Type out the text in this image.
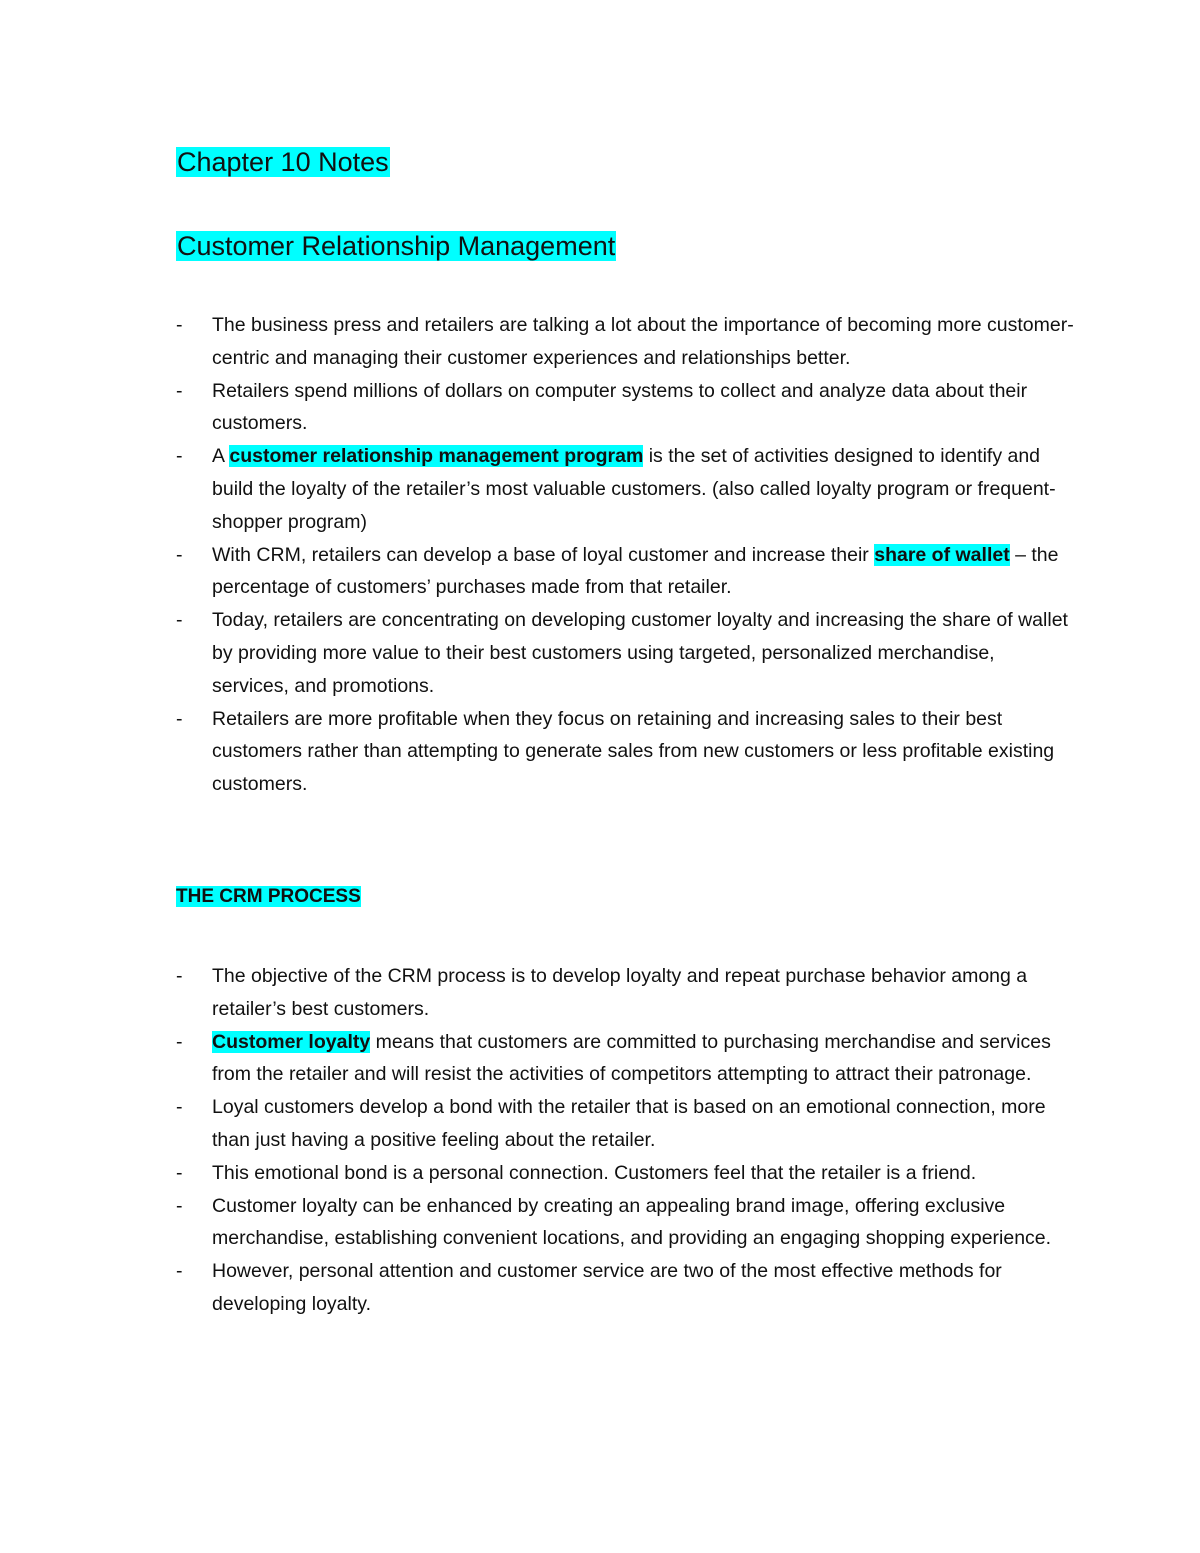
Chapter 10 Notes
Customer Relationship Management
-	The business press and retailers are talking a lot about the importance of becoming more customer-centric and managing their customer experiences and relationships better.
-	Retailers spend millions of dollars on computer systems to collect and analyze data about their customers.
-	A customer relationship management program is the set of activities designed to identify and build the loyalty of the retailer’s most valuable customers. (also called loyalty program or frequent-shopper program)
-	With CRM, retailers can develop a base of loyal customer and increase their share of wallet – the percentage of customers’ purchases made from that retailer.
-	Today, retailers are concentrating on developing customer loyalty and increasing the share of wallet by providing more value to their best customers using targeted, personalized merchandise, services, and promotions.
-	Retailers are more profitable when they focus on retaining and increasing sales to their best customers rather than attempting to generate sales from new customers or less profitable existing customers.
THE CRM PROCESS
-	The objective of the CRM process is to develop loyalty and repeat purchase behavior among a retailer’s best customers.
-	Customer loyalty means that customers are committed to purchasing merchandise and services from the retailer and will resist the activities of competitors attempting to attract their patronage.
-	Loyal customers develop a bond with the retailer that is based on an emotional connection, more than just having a positive feeling about the retailer.
-	This emotional bond is a personal connection. Customers feel that the retailer is a friend.
-	Customer loyalty can be enhanced by creating an appealing brand image, offering exclusive merchandise, establishing convenient locations, and providing an engaging shopping experience.
-	However, personal attention and customer service are two of the most effective methods for developing loyalty.
